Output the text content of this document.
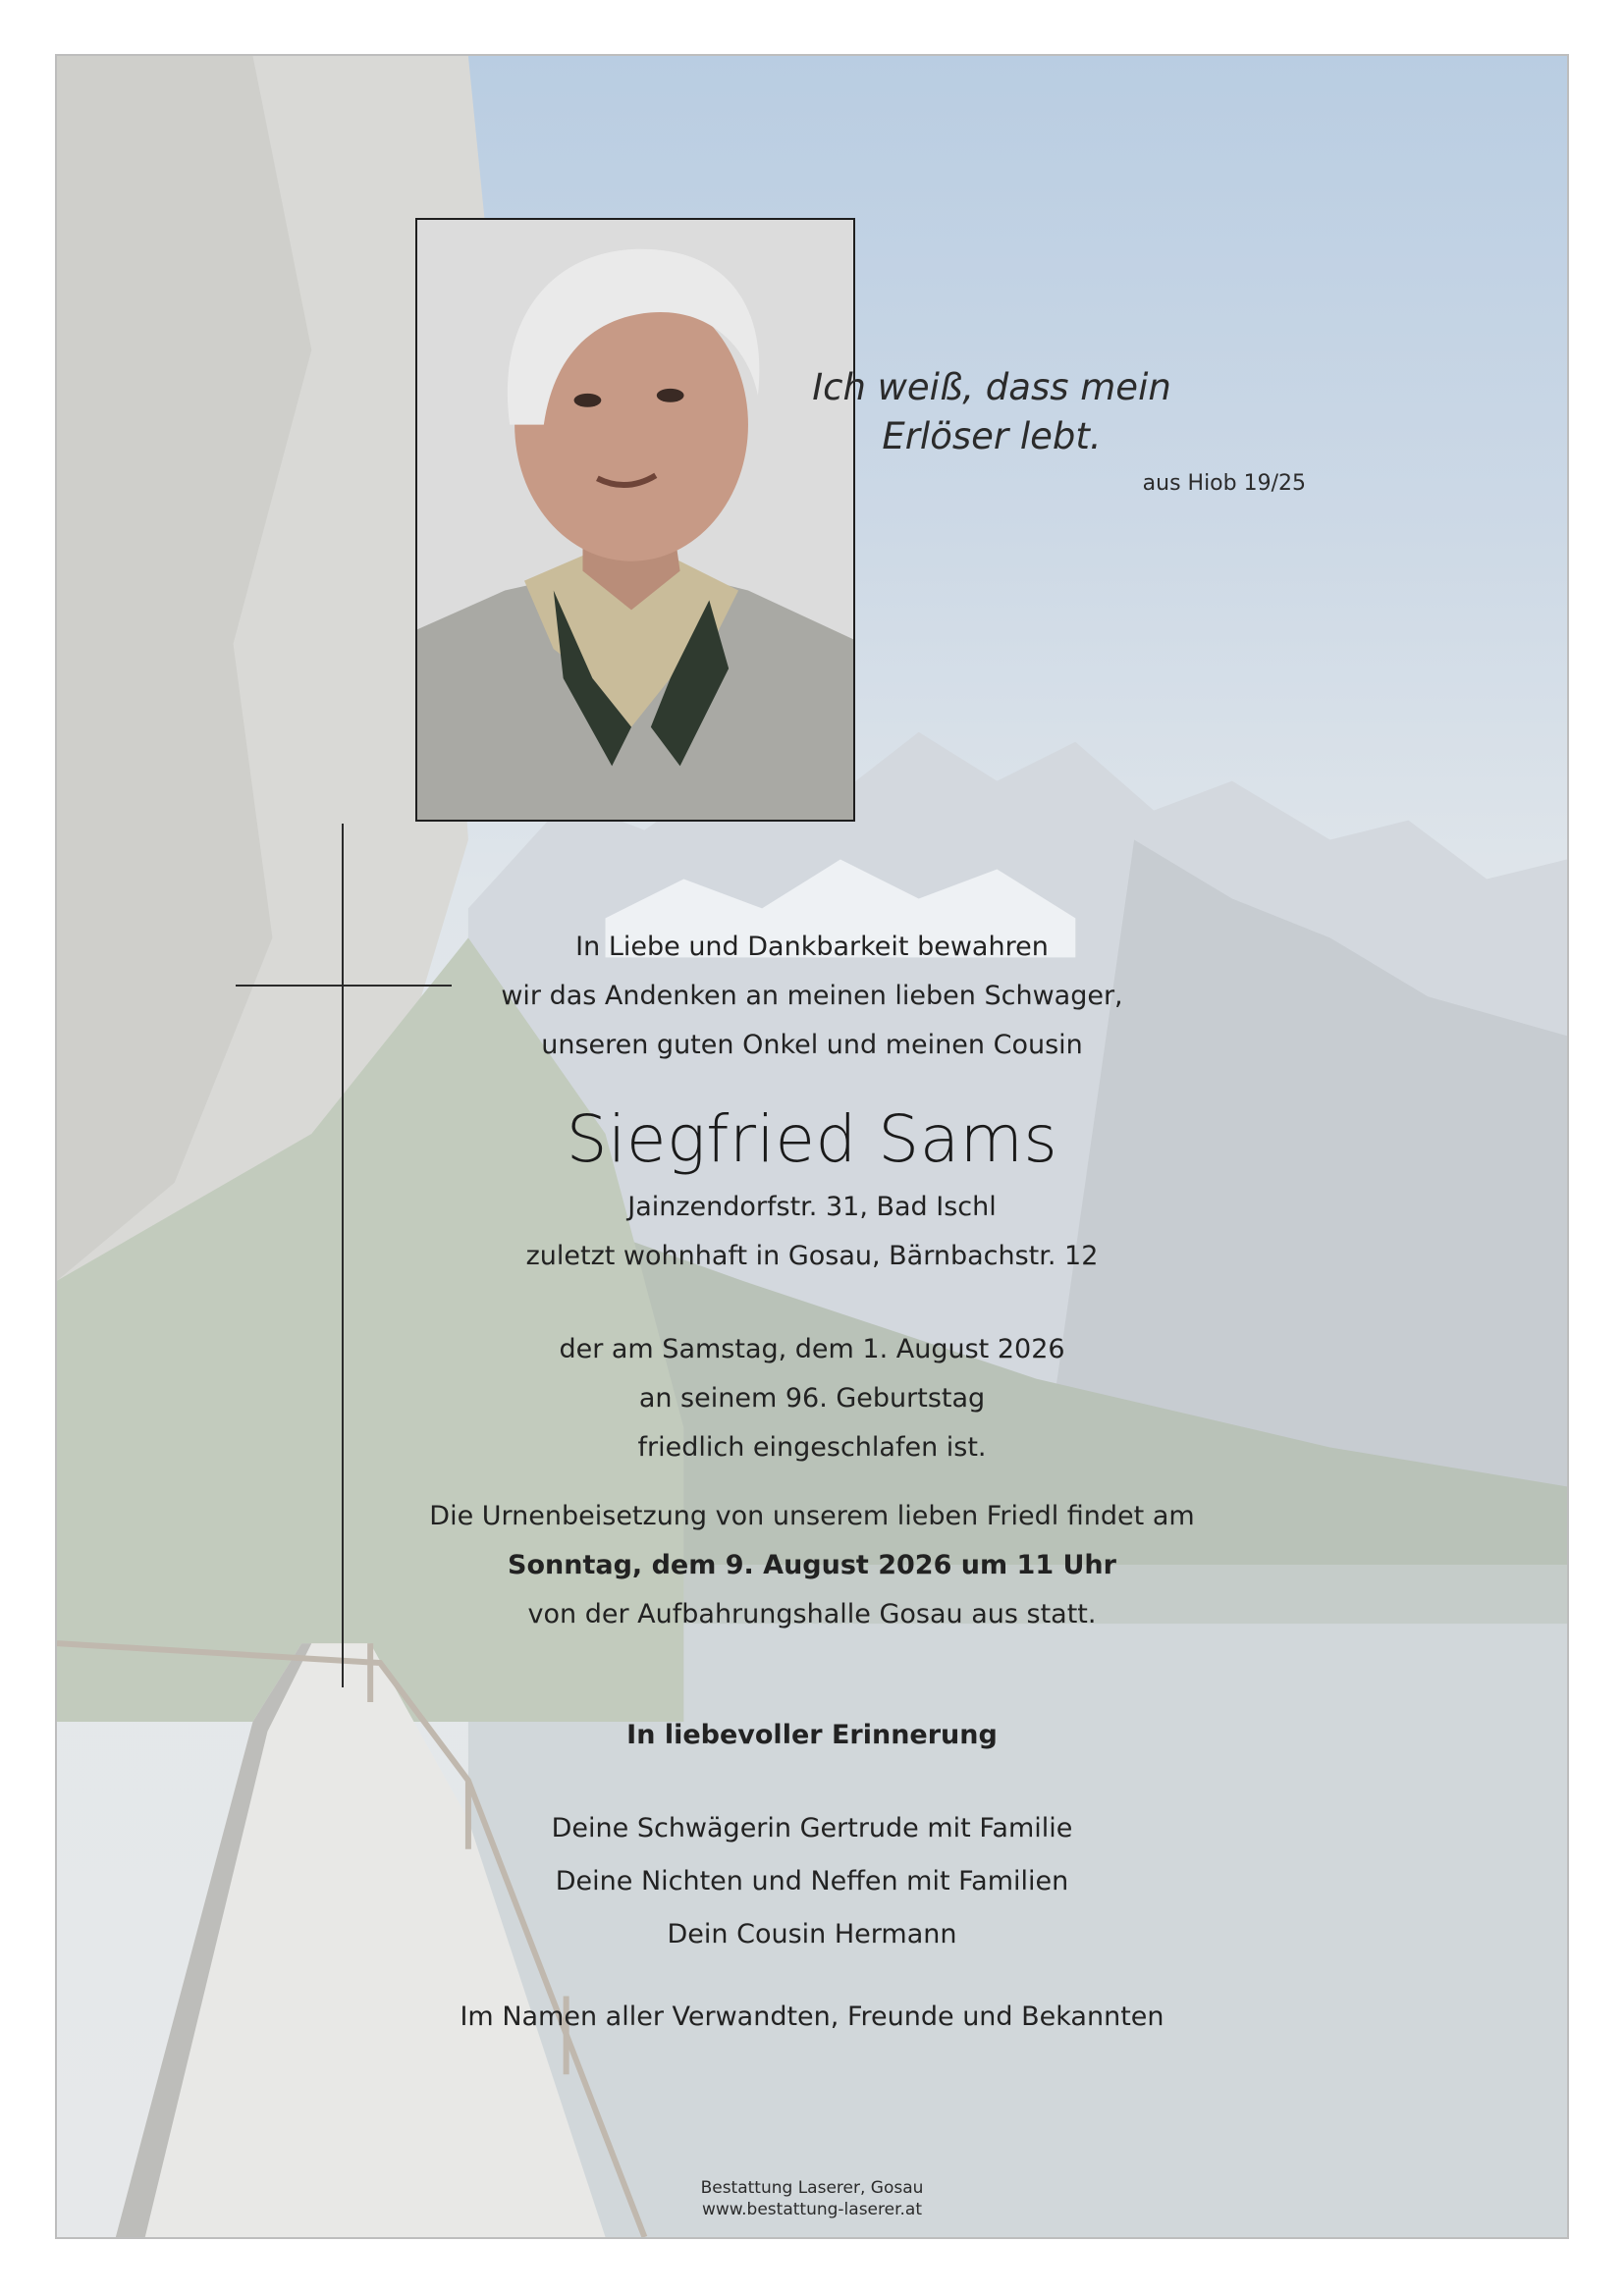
Ich weiß, dass mein
Erlöser lebt.
aus Hiob 19/25
In Liebe und Dankbarkeit bewahren
wir das Andenken an meinen lieben Schwager,
unseren guten Onkel und meinen Cousin
Siegfried Sams
Jainzendorfstr. 31, Bad Ischl
zuletzt wohnhaft in Gosau, Bärnbachstr. 12
der am Samstag, dem 1. August 2026
an seinem 96. Geburtstag
friedlich eingeschlafen ist.
Die Urnenbeisetzung von unserem lieben Friedl findet am
Sonntag, dem 9. August 2026 um 11 Uhr
von der Aufbahrungshalle Gosau aus statt.
In liebevoller Erinnerung
Deine Schwägerin Gertrude mit Familie
Deine Nichten und Neffen mit Familien
Dein Cousin Hermann
Im Namen aller Verwandten, Freunde und Bekannten
Bestattung Laserer, Gosau
www.bestattung-laserer.at
